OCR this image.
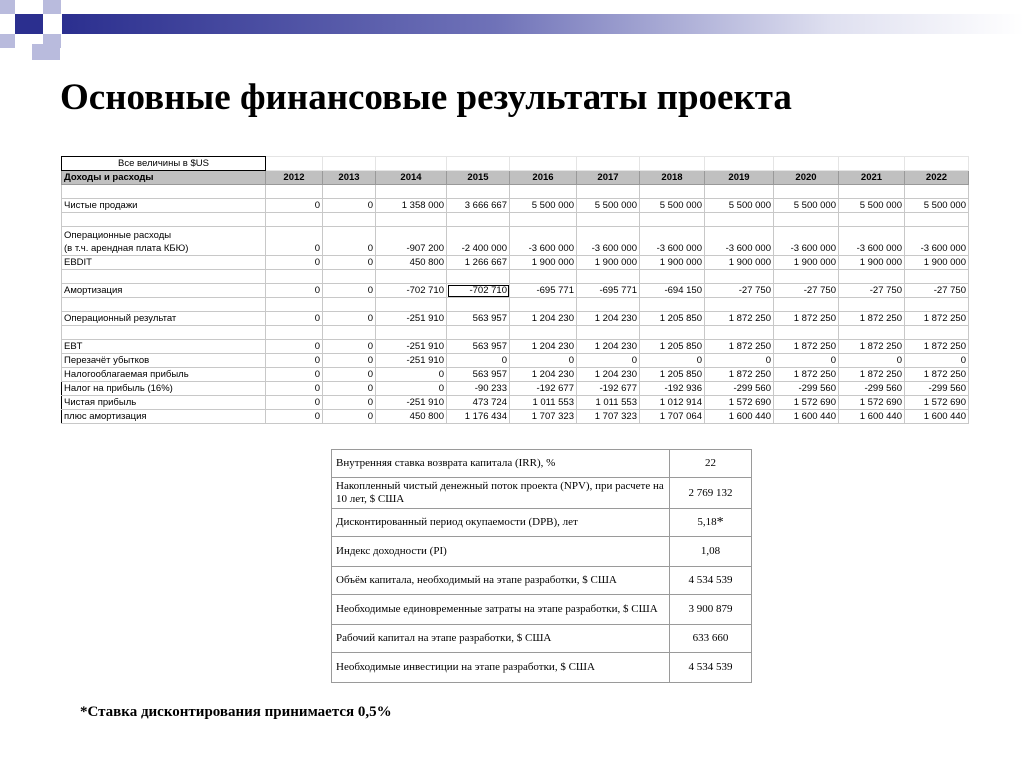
Основные финансовые результаты проекта
Все величины в $US											
Доходы и расходы	2012	2013	2014	2015	2016	2017	2018	2019	2020	2021	2022

Чистые продажи	0	0	1 358 000	3 666 667	5 500 000	5 500 000	5 500 000	5 500 000	5 500 000	5 500 000	5 500 000

Операционные расходы
(в т.ч. арендная плата КБЮ)	0	0	-907 200	-2 400 000	-3 600 000	-3 600 000	-3 600 000	-3 600 000	-3 600 000	-3 600 000	-3 600 000
EBDIT	0	0	450 800	1 266 667	1 900 000	1 900 000	1 900 000	1 900 000	1 900 000	1 900 000	1 900 000

Амортизация	0	0	-702 710	-702 710	-695 771	-695 771	-694 150	-27 750	-27 750	-27 750	-27 750

Операционный результат	0	0	-251 910	563 957	1 204 230	1 204 230	1 205 850	1 872 250	1 872 250	1 872 250	1 872 250

EBT	0	0	-251 910	563 957	1 204 230	1 204 230	1 205 850	1 872 250	1 872 250	1 872 250	1 872 250
Перезачёт убытков	0	0	-251 910	0	0	0	0	0	0	0	0
Налогооблагаемая прибыль	0	0	0	563 957	1 204 230	1 204 230	1 205 850	1 872 250	1 872 250	1 872 250	1 872 250
Налог на прибыль (16%)	0	0	0	-90 233	-192 677	-192 677	-192 936	-299 560	-299 560	-299 560	-299 560
Чистая прибыль	0	0	-251 910	473 724	1 011 553	1 011 553	1 012 914	1 572 690	1 572 690	1 572 690	1 572 690
плюс амортизация	0	0	450 800	1 176 434	1 707 323	1 707 323	1 707 064	1 600 440	1 600 440	1 600 440	1 600 440
Внутренняя ставка возврата капитала (IRR), %	22
Накопленный чистый денежный поток проекта (NPV), при расчете на 10 лет, $ США	2 769 132
Дисконтированный период окупаемости (DPB), лет	5,18*
Индекс доходности (PI)	1,08
Объём капитала, необходимый на этапе разработки, $ США	4 534 539
Необходимые единовременные затраты на этапе разработки, $ США	3 900 879
Рабочий капитал на этапе разработки, $ США	633 660
Необходимые инвестиции на этапе разработки, $ США	4 534 539

*Ставка дисконтирования принимается 0,5%
